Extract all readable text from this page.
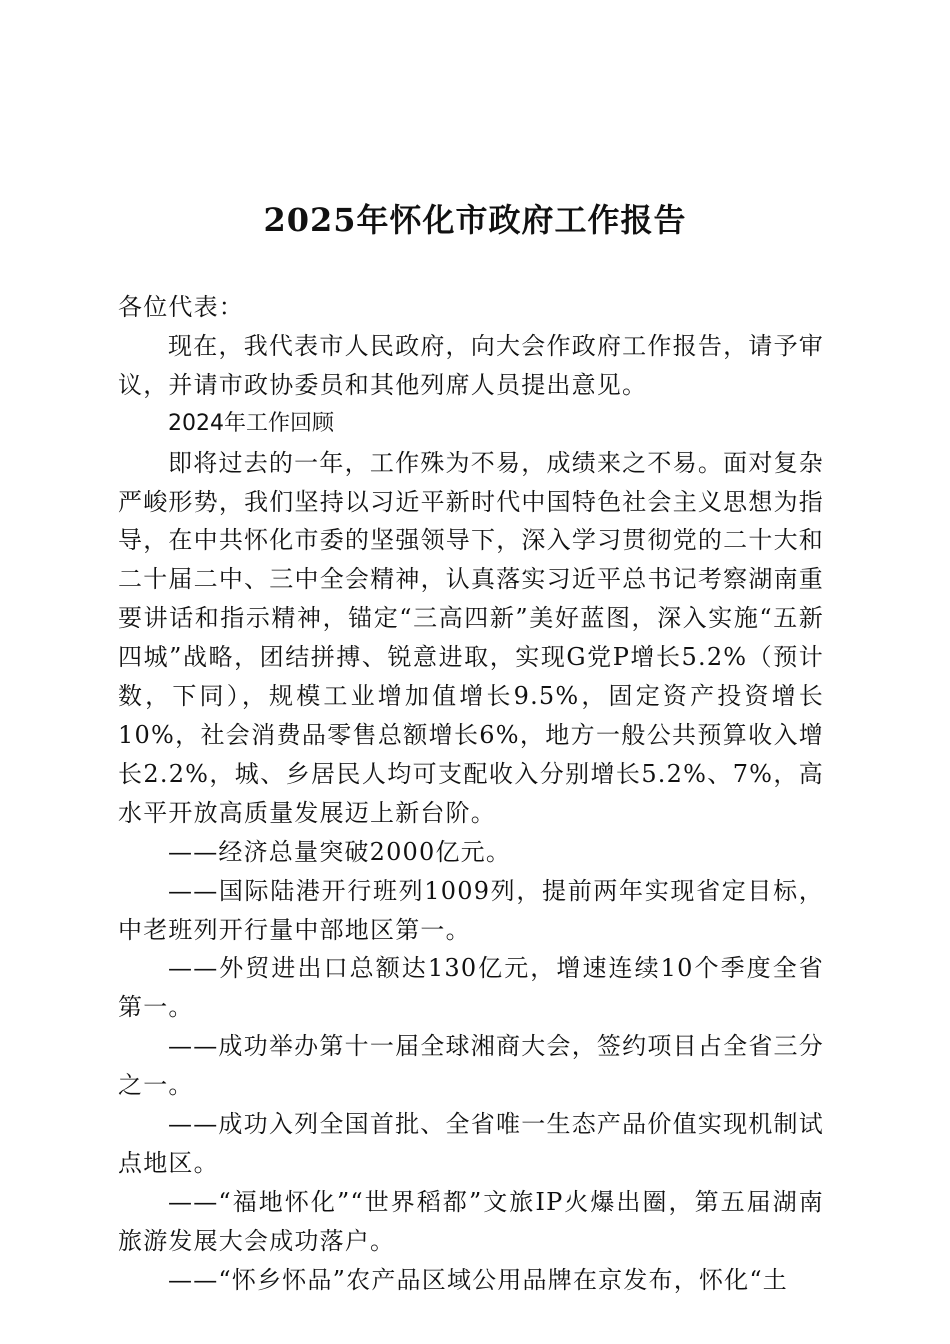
2025年怀化市政府工作报告

各位代表：

现在，我代表市人民政府，向大会作政府工作报告，请予审议，并请市政协委员和其他列席人员提出意见。

2024年工作回顾

即将过去的一年，工作殊为不易，成绩来之不易。面对复杂严峻形势，我们坚持以习近平新时代中国特色社会主义思想为指导，在中共怀化市委的坚强领导下，深入学习贯彻党的二十大和二十届二中、三中全会精神，认真落实习近平总书记考察湖南重要讲话和指示精神，锚定“三高四新”美好蓝图，深入实施“五新四城”战略，团结拼搏、锐意进取，实现G党P增长5.2%（预计数，下同），规模工业增加值增长9.5%，固定资产投资增长10%，社会消费品零售总额增长6%，地方一般公共预算收入增长2.2%，城、乡居民人均可支配收入分别增长5.2%、7%，高水平开放高质量发展迈上新台阶。

——经济总量突破2000亿元。

——国际陆港开行班列1009列，提前两年实现省定目标，中老班列开行量中部地区第一。

——外贸进出口总额达130亿元，增速连续10个季度全省第一。

——成功举办第十一届全球湘商大会，签约项目占全省三分之一。

——成功入列全国首批、全省唯一生态产品价值实现机制试点地区。

——“福地怀化”“世界稻都”文旅IP火爆出圈，第五届湖南旅游发展大会成功落户。

——“怀乡怀品”农产品区域公用品牌在京发布，怀化“土
